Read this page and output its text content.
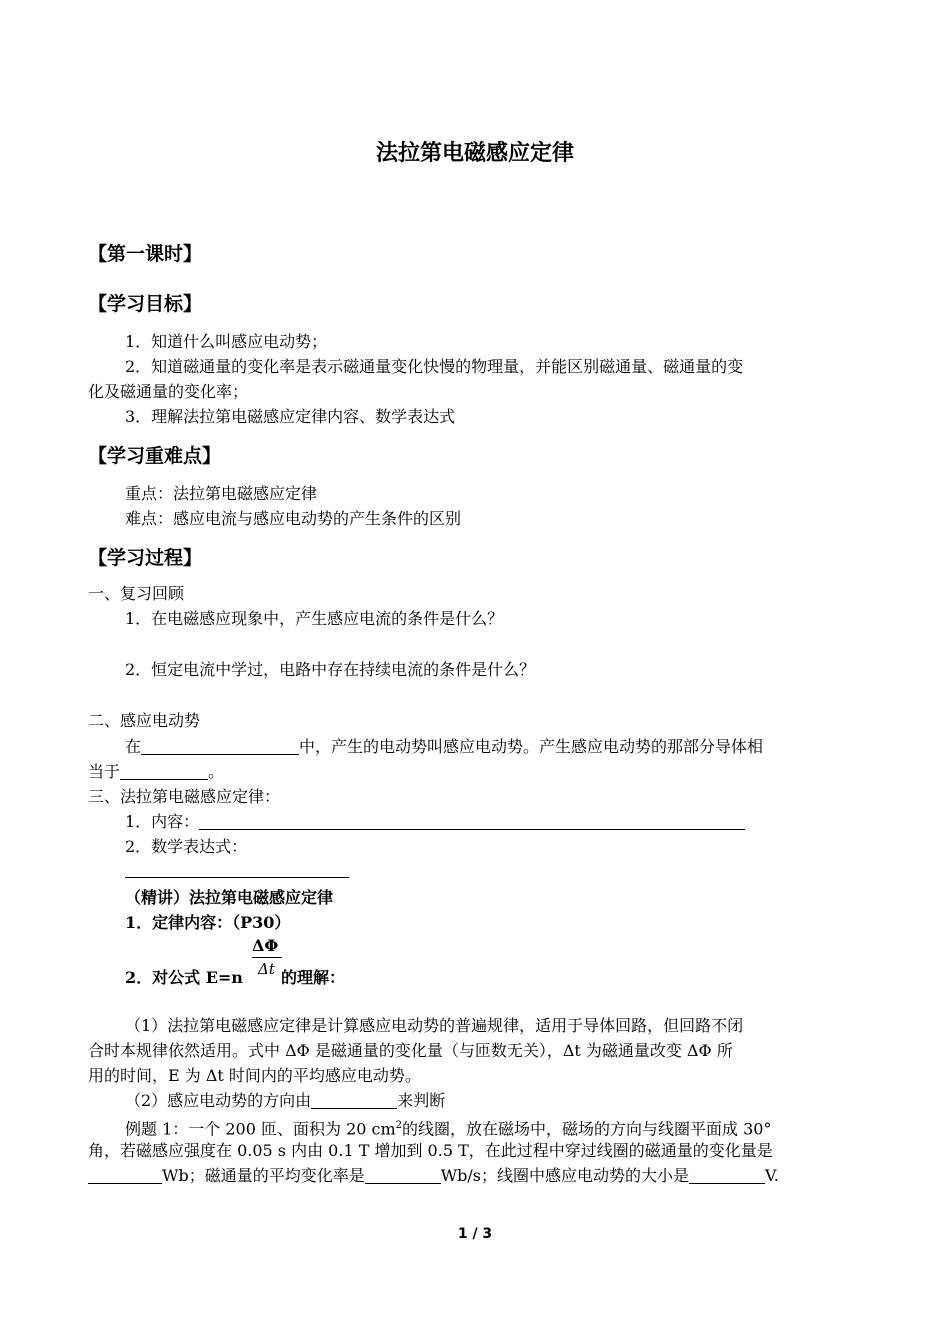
法拉第电磁感应定律
【第一课时】
【学习目标】
1．知道什么叫感应电动势；
2．知道磁通量的变化率是表示磁通量变化快慢的物理量，并能区别磁通量、磁通量的变
化及磁通量的变化率；
3．理解法拉第电磁感应定律内容、数学表达式
【学习重难点】
重点：法拉第电磁感应定律
难点：感应电流与感应电动势的产生条件的区别
【学习过程】
一、复习回顾
1．在电磁感应现象中，产生感应电流的条件是什么？
2．恒定电流中学过，电路中存在持续电流的条件是什么？
二、感应电动势
在	中，产生的电动势叫感应电动势。产生感应电动势的那部分导体相
当于	。
三、法拉第电磁感应定律：
1．内容：
2．数学表达式：
（精讲）法拉第电磁感应定律
1．定律内容：（P30）
ΔΦ
Δt
2．对公式 E=n 的理解：
（1）法拉第电磁感应定律是计算感应电动势的普遍规律，适用于导体回路，但回路不闭
合时本规律依然适用。式中 ΔΦ 是磁通量的变化量（与匝数无关），Δt 为磁通量改变 ΔΦ 所
用的时间，E 为 Δt 时间内的平均感应电动势。
（2）感应电动势的方向由	来判断
例题 1：一个 200 匝、面积为 20 $cm^2$的线圈，放在磁场中，磁场的方向与线圈平面成 30°
角，若磁感应强度在 0.05 s 内由 0.1 T 增加到 0.5 T，在此过程中穿过线圈的磁通量的变化量是
Wb；磁通量的平均变化率是	Wb/s；线圈中感应电动势的大小是	V.
1 / 3
